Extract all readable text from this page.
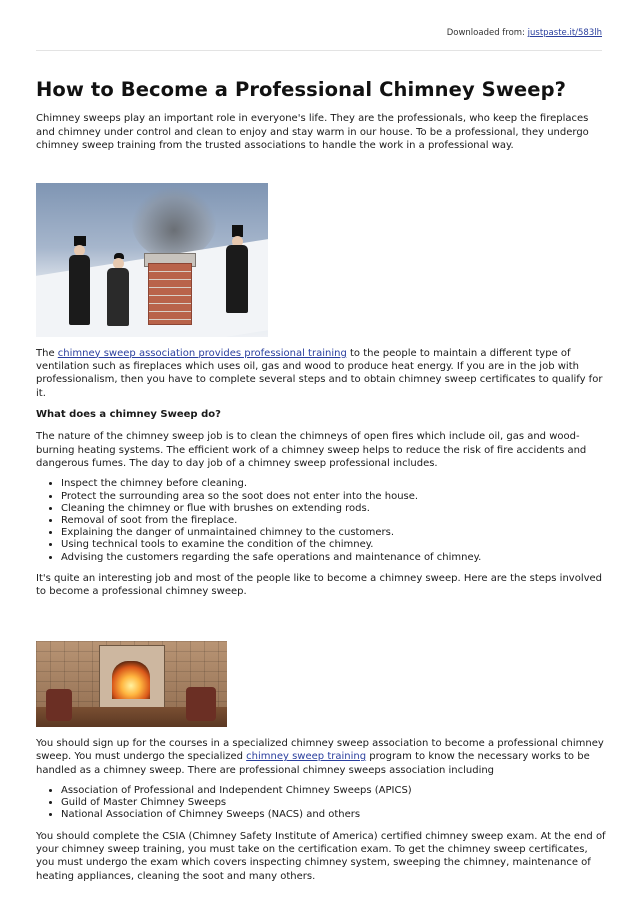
Downloaded from: justpaste.it/583lh
How to Become a Professional Chimney Sweep?

Chimney sweeps play an important role in everyone's life. They are the professionals, who keep the fireplaces and chimney under control and clean to enjoy and stay warm in our house. To be a professional, they undergo chimney sweep training from the trusted associations to handle the work in a professional way.

The chimney sweep association provides professional training to the people to maintain a different type of ventilation such as fireplaces which uses oil, gas and wood to produce heat energy. If you are in the job with professionalism, then you have to complete several steps and to obtain chimney sweep certificates to qualify for it.

What does a chimney Sweep do?

The nature of the chimney sweep job is to clean the chimneys of open fires which include oil, gas and wood-burning heating systems. The efficient work of a chimney sweep helps to reduce the risk of fire accidents and dangerous fumes. The day to day job of a chimney sweep professional includes.

• Inspect the chimney before cleaning.
• Protect the surrounding area so the soot does not enter into the house.
• Cleaning the chimney or flue with brushes on extending rods.
• Removal of soot from the fireplace.
• Explaining the danger of unmaintained chimney to the customers.
• Using technical tools to examine the condition of the chimney.
• Advising the customers regarding the safe operations and maintenance of chimney.

It's quite an interesting job and most of the people like to become a chimney sweep. Here are the steps involved to become a professional chimney sweep.

You should sign up for the courses in a specialized chimney sweep association to become a professional chimney sweep. You must undergo the specialized chimney sweep training program to know the necessary works to be handled as a chimney sweep. There are professional chimney sweeps association including

• Association of Professional and Independent Chimney Sweeps (APICS)
• Guild of Master Chimney Sweeps
• National Association of Chimney Sweeps (NACS) and others

You should complete the CSIA (Chimney Safety Institute of America) certified chimney sweep exam. At the end of your chimney sweep training, you must take on the certification exam. To get the chimney sweep certificates, you must undergo the exam which covers inspecting chimney system, sweeping the chimney, maintenance of heating appliances, cleaning the soot and many others.
